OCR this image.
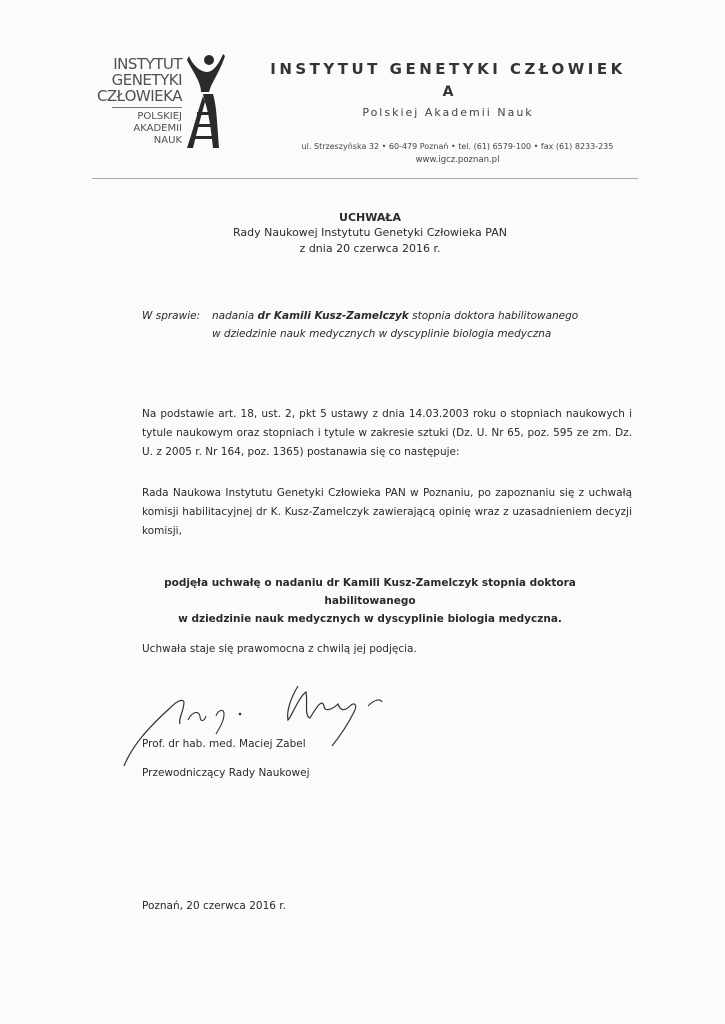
INSTYTUT
GENETYKI
CZŁOWIEKA
POLSKIEJ
AKADEMII
NAUK
INSTYTUT GENETYKI CZŁOWIEK
A
Polskiej Akademii Nauk
ul. Strzeszyńska 32 • 60-479 Poznań • tel. (61) 6579-100 • fax (61) 8233-235
www.igcz.poznan.pl
UCHWAŁA
Rady Naukowej Instytutu Genetyki Człowieka PAN
z dnia 20 czerwca 2016 r.
W sprawie: nadania dr Kamili Kusz-Zamelczyk stopnia doktora habilitowanego
w dziedzinie nauk medycznych w dyscyplinie biologia medyczna
Na podstawie art. 18, ust. 2, pkt 5 ustawy z dnia 14.03.2003 roku o stopniach naukowych i tytule naukowym oraz stopniach i tytule w zakresie sztuki (Dz. U. Nr 65, poz. 595 ze zm. Dz. U. z 2005 r. Nr 164, poz. 1365) postanawia się co następuje:
Rada Naukowa Instytutu Genetyki Człowieka PAN w Poznaniu, po zapoznaniu się z uchwałą komisji habilitacyjnej dr K. Kusz-Zamelczyk zawierającą opinię wraz z uzasadnieniem decyzji komisji,
podjęła uchwałę o nadaniu dr Kamili Kusz-Zamelczyk stopnia doktora habilitowanego
w dziedzinie nauk medycznych w dyscyplinie biologia medyczna.
Uchwała staje się prawomocna z chwilą jej podjęcia.
Prof. dr hab. med. Maciej Zabel
Przewodniczący Rady Naukowej
Poznań, 20 czerwca 2016 r.
